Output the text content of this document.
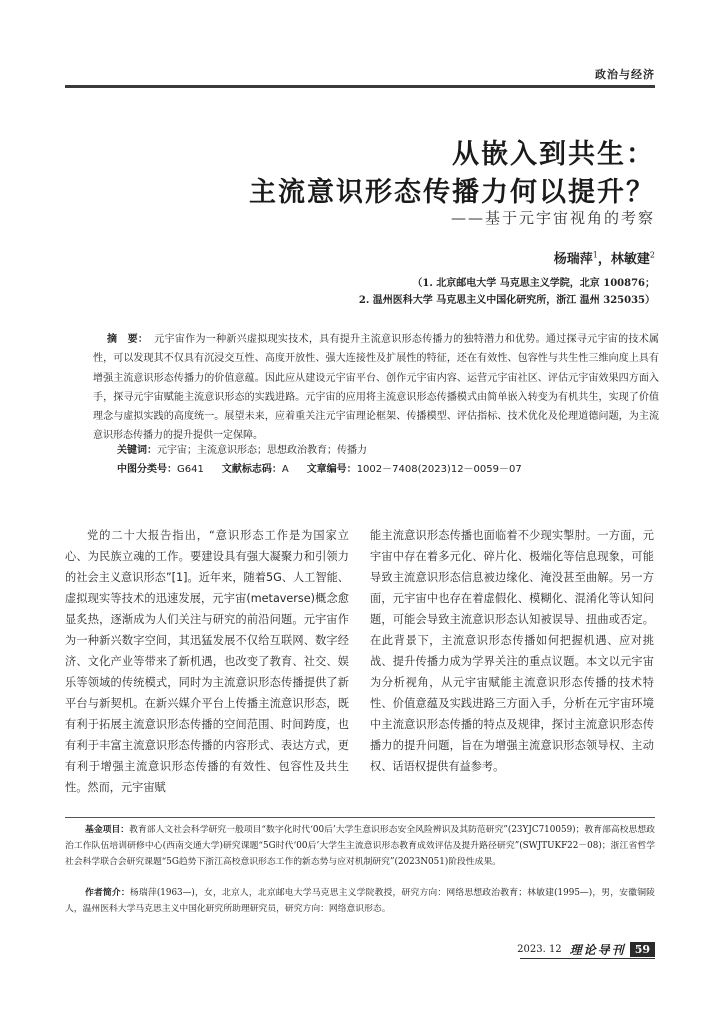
政治与经济
从嵌入到共生：
主流意识形态传播力何以提升？
——基于元宇宙视角的考察
杨瑞萍$^1$，林敏建$^2$
（1. 北京邮电大学 马克思主义学院，北京 100876；
2. 温州医科大学 马克思主义中国化研究所，浙江 温州 325035）
摘　要： 元宇宙作为一种新兴虚拟现实技术，具有提升主流意识形态传播力的独特潜力和优势。通过探寻元宇宙的技术属性，可以发现其不仅具有沉浸交互性、高度开放性、强大连接性及扩展性的特征，还在有效性、包容性与共生性三维向度上具有增强主流意识形态传播力的价值意蕴。因此应从建设元宇宙平台、创作元宇宙内容、运营元宇宙社区、评估元宇宙效果四方面入手，探寻元宇宙赋能主流意识形态的实践进路。元宇宙的应用将主流意识形态传播模式由简单嵌入转变为有机共生，实现了价值理念与虚拟实践的高度统一。展望未来，应着重关注元宇宙理论框架、传播模型、评估指标、技术优化及伦理道德问题，为主流意识形态传播力的提升提供一定保障。
关键词：元宇宙；主流意识形态；思想政治教育；传播力
中图分类号：G641 文献标志码：A 文章编号：1002－7408(2023)12－0059－07
党的二十大报告指出，“意识形态工作是为国家立心、为民族立魂的工作。要建设具有强大凝聚力和引领力的社会主义意识形态”[1]。近年来，随着5G、人工智能、虚拟现实等技术的迅速发展，元宇宙(metaverse)概念愈显炙热，逐渐成为人们关注与研究的前沿问题。元宇宙作为一种新兴数字空间，其迅猛发展不仅给互联网、数字经济、文化产业等带来了新机遇，也改变了教育、社交、娱乐等领域的传统模式，同时为主流意识形态传播提供了新平台与新契机。在新兴媒介平台上传播主流意识形态，既有利于拓展主流意识形态传播的空间范围、时间跨度，也有利于丰富主流意识形态传播的内容形式、表达方式，更有利于增强主流意识形态传播的有效性、包容性及共生性。然而，元宇宙赋
能主流意识形态传播也面临着不少现实掣肘。一方面，元宇宙中存在着多元化、碎片化、极端化等信息现象，可能导致主流意识形态信息被边缘化、淹没甚至曲解。另一方面，元宇宙中也存在着虚假化、模糊化、混淆化等认知问题，可能会导致主流意识形态认知被误导、扭曲或否定。在此背景下，主流意识形态传播如何把握机遇、应对挑战、提升传播力成为学界关注的重点议题。本文以元宇宙为分析视角，从元宇宙赋能主流意识形态传播的技术特性、价值意蕴及实践进路三方面入手，分析在元宇宙环境中主流意识形态传播的特点及规律，探讨主流意识形态传播力的提升问题，旨在为增强主流意识形态领导权、主动权、话语权提供有益参考。
基金项目：教育部人文社会科学研究一般项目“数字化时代‘00后’大学生意识形态安全风险辨识及其防范研究”(23YJC710059)；教育部高校思想政治工作队伍培训研修中心(西南交通大学)研究课题“5G时代‘00后’大学生主流意识形态教育成效评估及提升路径研究”(SWJTUKF22－08)；浙江省哲学社会科学联合会研究课题“5G趋势下浙江高校意识形态工作的新态势与应对机制研究”(2023N051)阶段性成果。
作者简介：杨瑞萍(1963—)，女，北京人，北京邮电大学马克思主义学院教授，研究方向：网络思想政治教育；林敏建(1995—)，男，安徽铜陵人，温州医科大学马克思主义中国化研究所助理研究员，研究方向：网络意识形态。
2023. 12 理论导刊 59
